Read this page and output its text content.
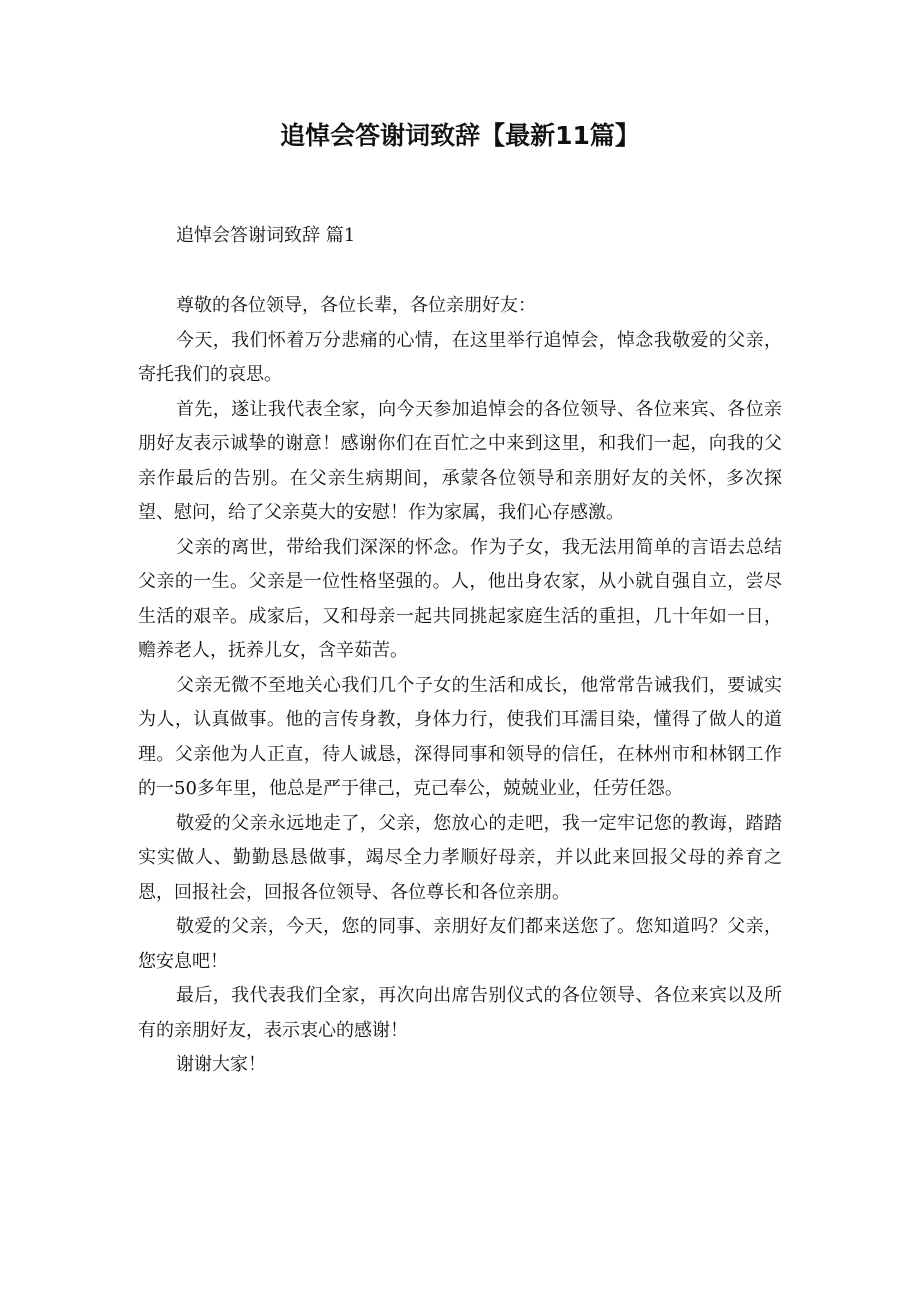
追悼会答谢词致辞【最新11篇】
追悼会答谢词致辞 篇1

尊敬的各位领导，各位长辈，各位亲朋好友：

今天，我们怀着万分悲痛的心情，在这里举行追悼会，悼念我敬爱的父亲，寄托我们的哀思。

首先，遂让我代表全家，向今天参加追悼会的各位领导、各位来宾、各位亲朋好友表示诚挚的谢意！感谢你们在百忙之中来到这里，和我们一起，向我的父亲作最后的告别。在父亲生病期间，承蒙各位领导和亲朋好友的关怀，多次探望、慰问，给了父亲莫大的安慰！作为家属，我们心存感激。

父亲的离世，带给我们深深的怀念。作为子女，我无法用简单的言语去总结父亲的一生。父亲是一位性格坚强的。人，他出身农家，从小就自强自立，尝尽生活的艰辛。成家后，又和母亲一起共同挑起家庭生活的重担，几十年如一日，赡养老人，抚养儿女，含辛茹苦。

父亲无微不至地关心我们几个子女的生活和成长，他常常告诫我们，要诚实为人，认真做事。他的言传身教，身体力行，使我们耳濡目染，懂得了做人的道理。父亲他为人正直，待人诚恳，深得同事和领导的信任，在林州市和林钢工作的一50多年里，他总是严于律己，克己奉公，兢兢业业，任劳任怨。

敬爱的父亲永远地走了，父亲，您放心的走吧，我一定牢记您的教诲，踏踏实实做人、勤勤恳恳做事，竭尽全力孝顺好母亲，并以此来回报父母的养育之恩，回报社会，回报各位领导、各位尊长和各位亲朋。

敬爱的父亲，今天，您的同事、亲朋好友们都来送您了。您知道吗？父亲，您安息吧！

最后，我代表我们全家，再次向出席告别仪式的各位领导、各位来宾以及所有的亲朋好友，表示衷心的感谢！

谢谢大家！
